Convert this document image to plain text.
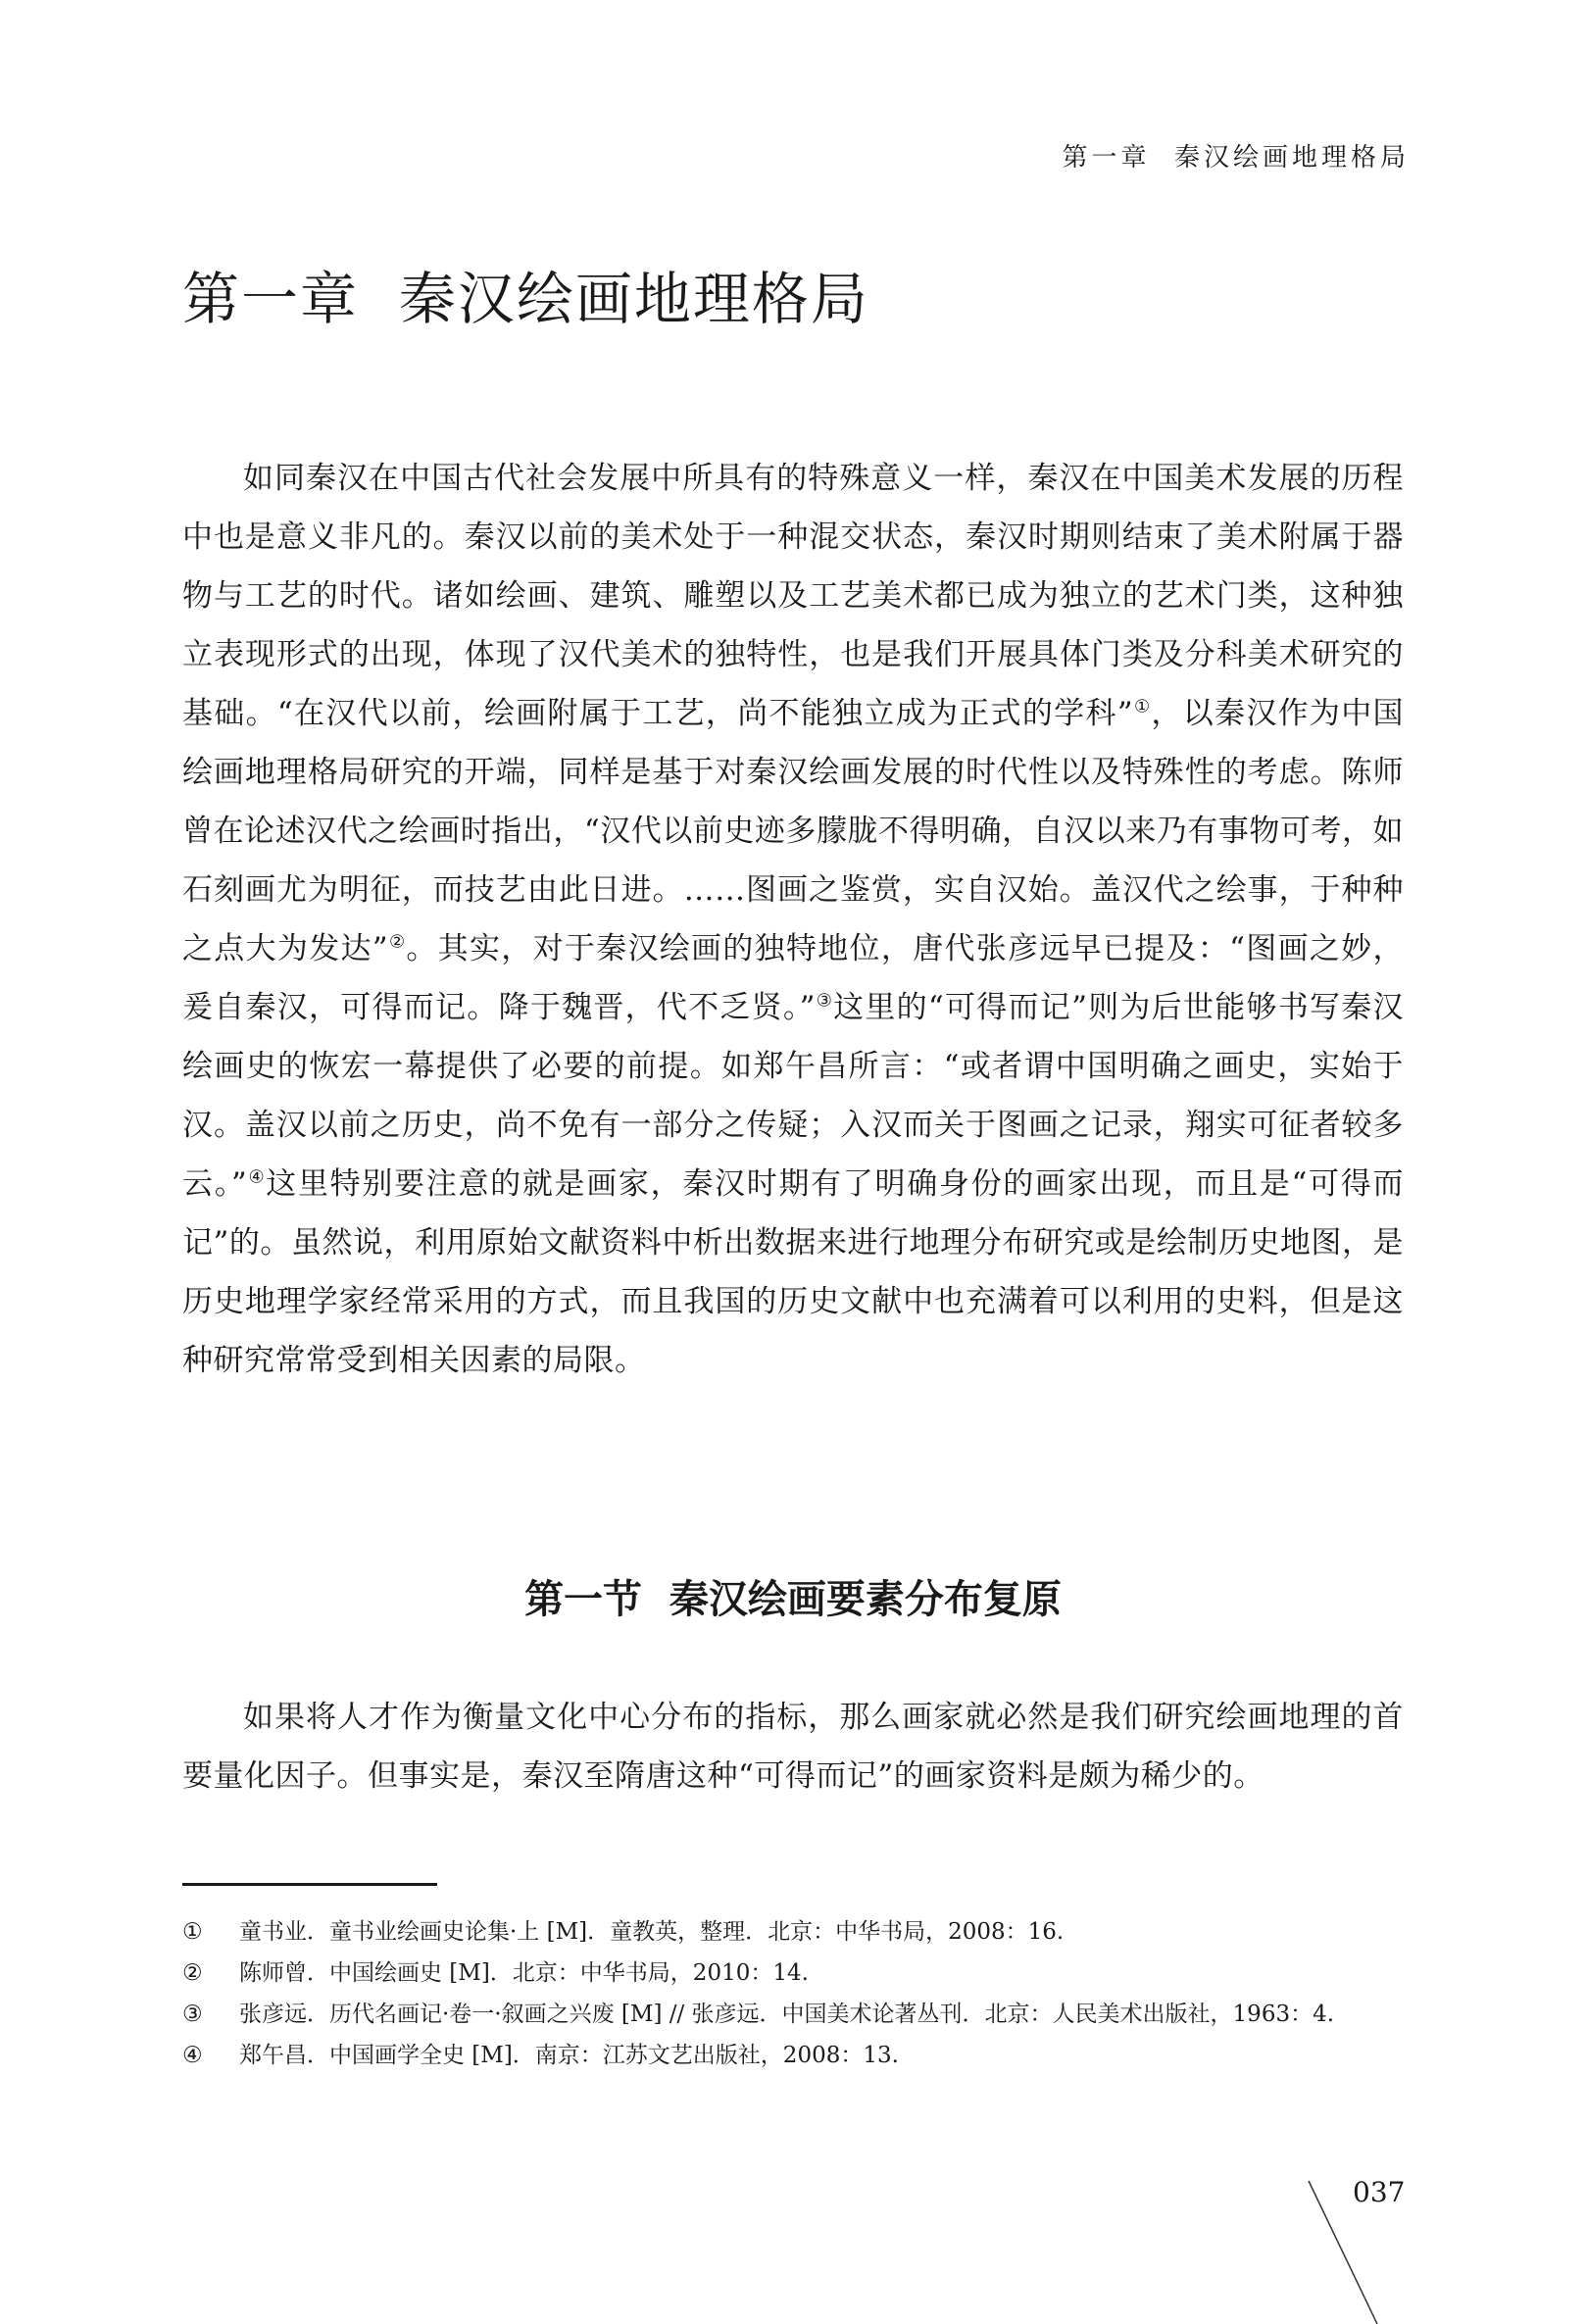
第一章  秦汉绘画地理格局
第一章  秦汉绘画地理格局

如同秦汉在中国古代社会发展中所具有的特殊意义一样，秦汉在中国美术发展的历程中也是意义非凡的。秦汉以前的美术处于一种混交状态，秦汉时期则结束了美术附属于器物与工艺的时代。诸如绘画、建筑、雕塑以及工艺美术都已成为独立的艺术门类，这种独立表现形式的出现，体现了汉代美术的独特性，也是我们开展具体门类及分科美术研究的基础。“在汉代以前，绘画附属于工艺，尚不能独立成为正式的学科”①，以秦汉作为中国绘画地理格局研究的开端，同样是基于对秦汉绘画发展的时代性以及特殊性的考虑。陈师曾在论述汉代之绘画时指出，“汉代以前史迹多朦胧不得明确，自汉以来乃有事物可考，如石刻画尤为明征，而技艺由此日进。……图画之鉴赏，实自汉始。盖汉代之绘事，于种种之点大为发达”②。其实，对于秦汉绘画的独特地位，唐代张彦远早已提及：“图画之妙，爰自秦汉，可得而记。降于魏晋，代不乏贤。”③这里的“可得而记”则为后世能够书写秦汉绘画史的恢宏一幕提供了必要的前提。如郑午昌所言：“或者谓中国明确之画史，实始于汉。盖汉以前之历史，尚不免有一部分之传疑；入汉而关于图画之记录，翔实可征者较多云。”④这里特别要注意的就是画家，秦汉时期有了明确身份的画家出现，而且是“可得而记”的。虽然说，利用原始文献资料中析出数据来进行地理分布研究或是绘制历史地图，是历史地理学家经常采用的方式，而且我国的历史文献中也充满着可以利用的史料，但是这种研究常常受到相关因素的局限。

第一节  秦汉绘画要素分布复原

如果将人才作为衡量文化中心分布的指标，那么画家就必然是我们研究绘画地理的首要量化因子。但事实是，秦汉至隋唐这种“可得而记”的画家资料是颇为稀少的。

①	童书业．童书业绘画史论集·上 [M]．童教英，整理．北京：中华书局，2008：16.
②	陈师曾．中国绘画史 [M]．北京：中华书局，2010：14.
③	张彦远．历代名画记·卷一·叙画之兴废 [M] // 张彦远．中国美术论著丛刊．北京：人民美术出版社，1963：4.
④	郑午昌．中国画学全史 [M]．南京：江苏文艺出版社，2008：13.
037
